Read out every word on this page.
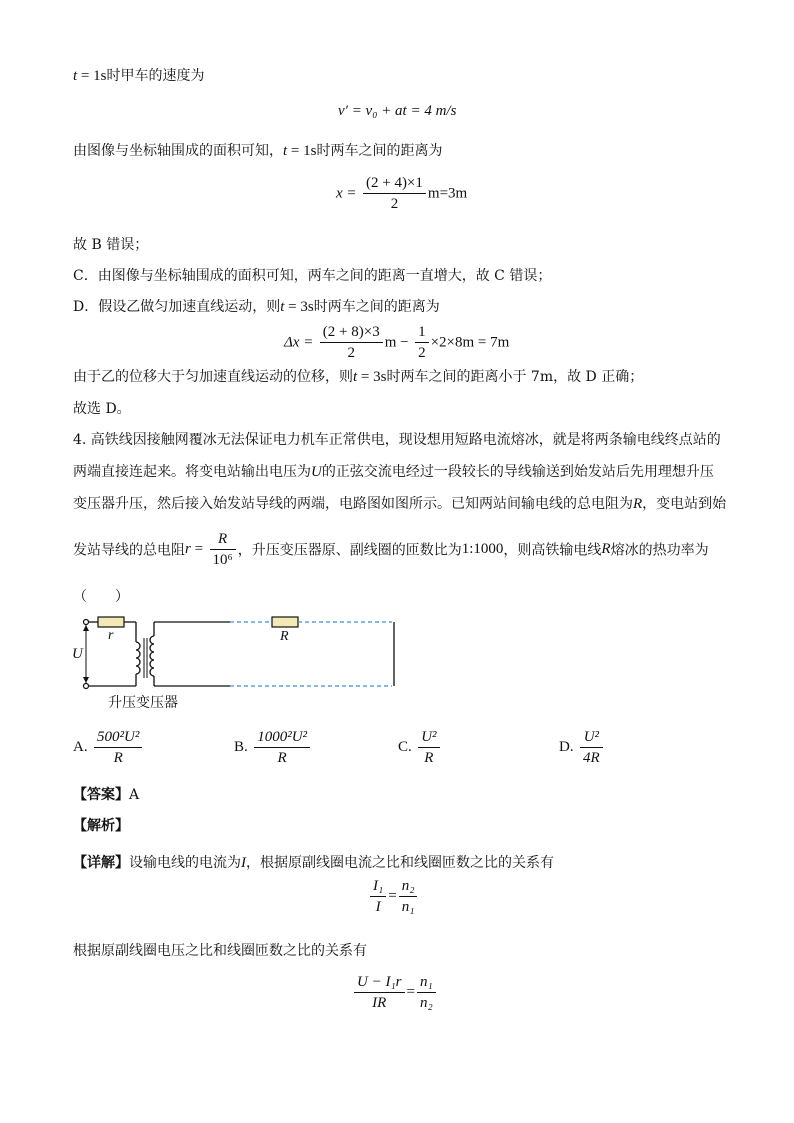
t = 1s时甲车的速度为
v′ = v₀ + at = 4 m/s
由图像与坐标轴围成的面积可知，t = 1s时两车之间的距离为
$x = \frac{(2 + 4)\times 1}{2} m=3m$
故 B 错误；
C．由图像与坐标轴围成的面积可知，两车之间的距离一直增大，故 C 错误；
D．假设乙做匀加速直线运动，则t = 3s时两车之间的距离为
$\Delta x = \frac{(2 + 8)\times 3}{2}$ $m - \frac{1}{2} \times 2\times 8m = 7m$
由于乙的位移大于匀加速直线运动的位移，则t = 3s时两车之间的距离小于 7m，故 D 正确；
故选 D。
4. 高铁线因接触网覆冰无法保证电力机车正常供电，现设想用短路电流熔冰，就是将两条输电线终点站的
两端直接连起来。将变电站输出电压为U的正弦交流电经过一段较长的导线输送到始发站后先用理想升压
变压器升压，然后接入始发站导线的两端，电路图如图所示。已知两站间输电线的总电阻为R，变电站到始
发站导线的总电阻$r = \frac{R}{\text{10⁶}}$ ，升压变压器原、副线圈的匝数比为1:1000，则高铁输电线R熔冰的热功率为
（　　）
r	R
U
升压变压器
A. $\frac{\text{500²U²}}{R}$	B. $\frac{\text{1000²U²}}{R}$	C. $\frac{\text{U²}}{R}$	D. $\frac{\text{U²}}{4R}$
【答案】A
【解析】
【详解】设输电线的电流为I，根据原副线圈电流之比和线圈匝数之比的关系有
$\frac{\text{I₁}}{I} = \frac{\text{n₂}}{\text{n₁}}$
根据原副线圈电压之比和线圈匝数之比的关系有
$\frac{\text{U − I₁r}}{IR} = \frac{\text{n₁}}{\text{n₂}}$
